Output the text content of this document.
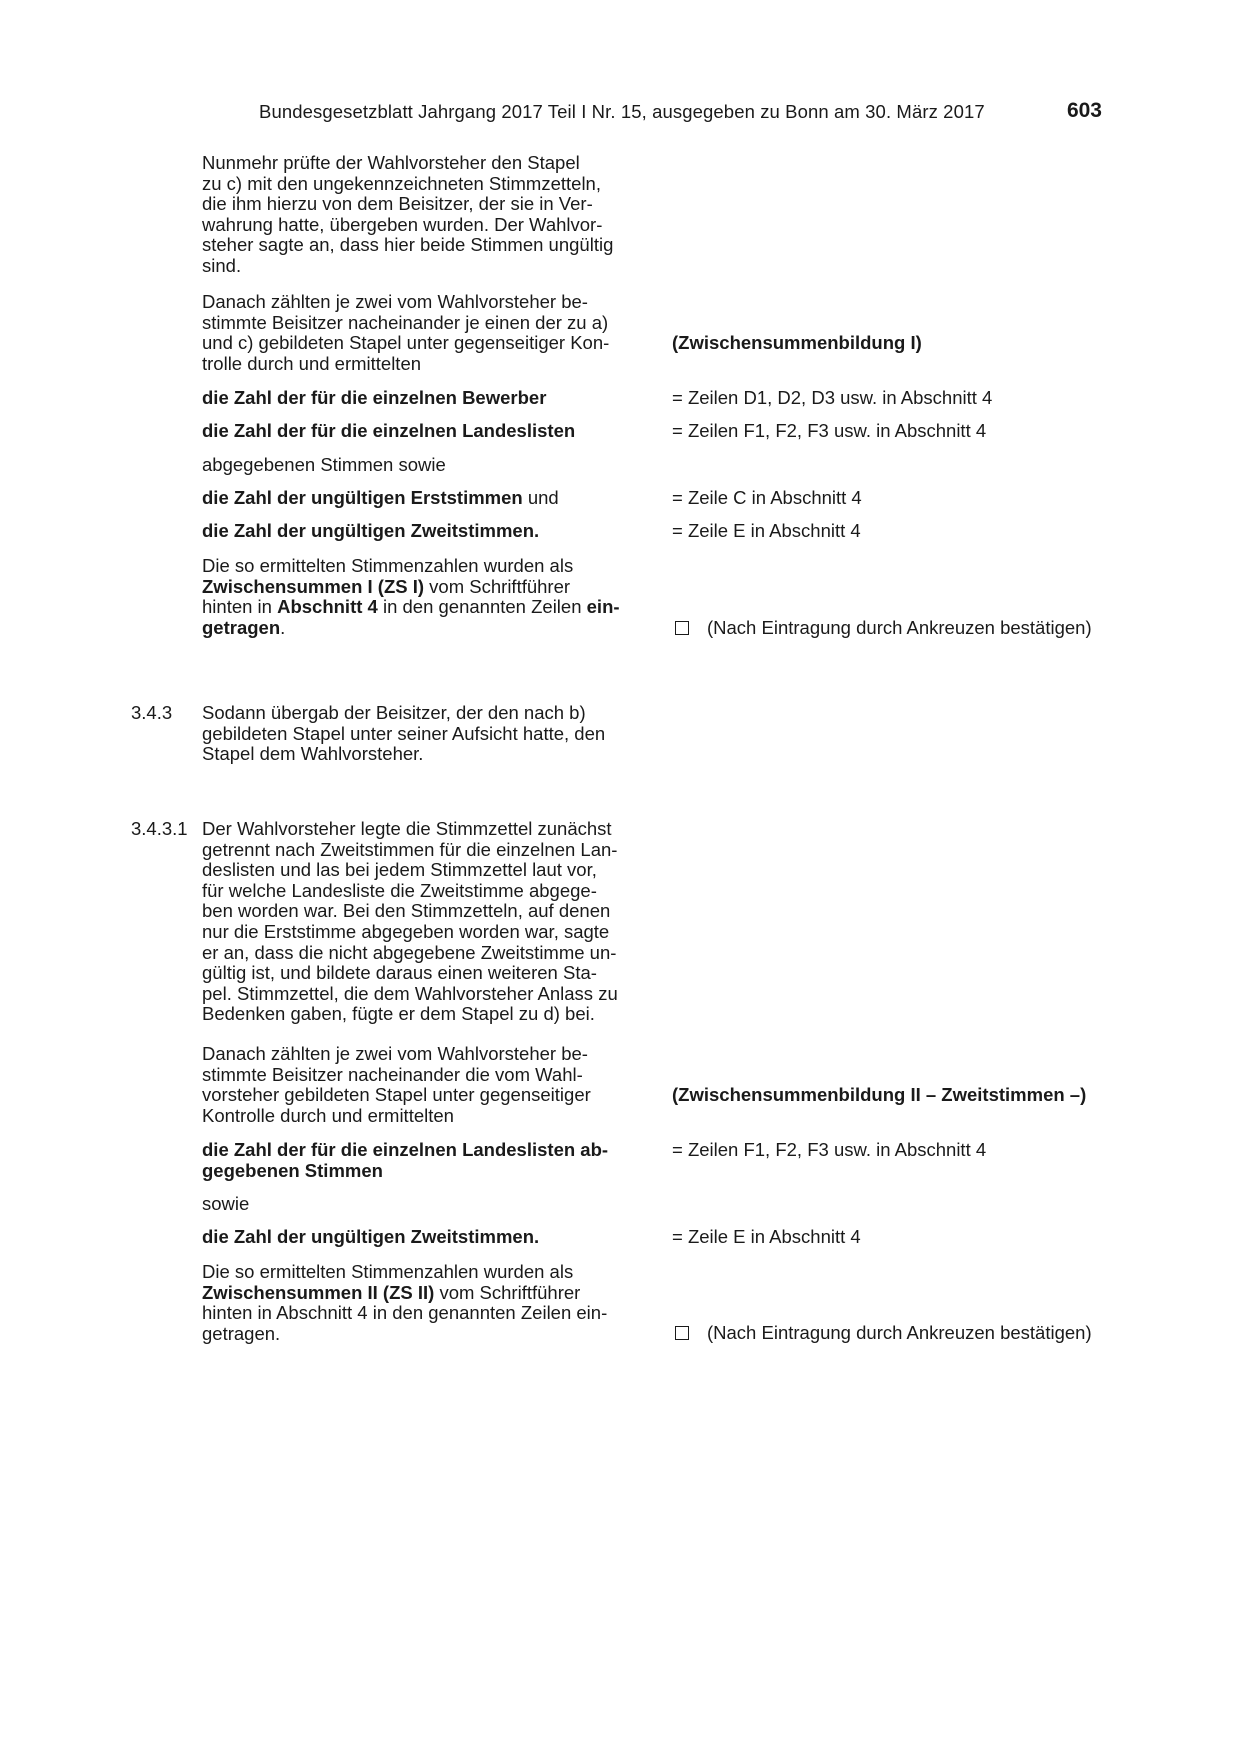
Bundesgesetzblatt Jahrgang 2017 Teil I Nr. 15, ausgegeben zu Bonn am 30. März 2017	603
Nunmehr prüfte der Wahlvorsteher den Stapel
zu c) mit den ungekennzeichneten Stimmzetteln,
die ihm hierzu von dem Beisitzer, der sie in Ver-
wahrung hatte, übergeben wurden. Der Wahlvor-
steher sagte an, dass hier beide Stimmen ungültig
sind.
Danach zählten je zwei vom Wahlvorsteher be-
stimmte Beisitzer nacheinander je einen der zu a)
und c) gebildeten Stapel unter gegenseitiger Kon-
trolle durch und ermittelten
(Zwischensummenbildung I)
die Zahl der für die einzelnen Bewerber	= Zeilen D1, D2, D3 usw. in Abschnitt 4
die Zahl der für die einzelnen Landeslisten	= Zeilen F1, F2, F3 usw. in Abschnitt 4
abgegebenen Stimmen sowie
die Zahl der ungültigen Erststimmen und	= Zeile C in Abschnitt 4
die Zahl der ungültigen Zweitstimmen.	= Zeile E in Abschnitt 4
Die so ermittelten Stimmenzahlen wurden als
Zwischensummen I (ZS I) vom Schriftführer
hinten in Abschnitt 4 in den genannten Zeilen ein-
getragen.	(Nach Eintragung durch Ankreuzen bestätigen)
3.4.3	Sodann übergab der Beisitzer, der den nach b)
gebildeten Stapel unter seiner Aufsicht hatte, den
Stapel dem Wahlvorsteher.
3.4.3.1 Der Wahlvorsteher legte die Stimmzettel zunächst
getrennt nach Zweitstimmen für die einzelnen Lan-
deslisten und las bei jedem Stimmzettel laut vor,
für welche Landesliste die Zweitstimme abgege-
ben worden war. Bei den Stimmzetteln, auf denen
nur die Erststimme abgegeben worden war, sagte
er an, dass die nicht abgegebene Zweitstimme un-
gültig ist, und bildete daraus einen weiteren Sta-
pel. Stimmzettel, die dem Wahlvorsteher Anlass zu
Bedenken gaben, fügte er dem Stapel zu d) bei.
Danach zählten je zwei vom Wahlvorsteher be-
stimmte Beisitzer nacheinander die vom Wahl-
vorsteher gebildeten Stapel unter gegenseitiger
Kontrolle durch und ermittelten
(Zwischensummenbildung II – Zweitstimmen –)
die Zahl der für die einzelnen Landeslisten ab-
gegebenen Stimmen
= Zeilen F1, F2, F3 usw. in Abschnitt 4
sowie
die Zahl der ungültigen Zweitstimmen.	= Zeile E in Abschnitt 4
Die so ermittelten Stimmenzahlen wurden als
Zwischensummen II (ZS II) vom Schriftführer
hinten in Abschnitt 4 in den genannten Zeilen ein-
getragen.	(Nach Eintragung durch Ankreuzen bestätigen)
